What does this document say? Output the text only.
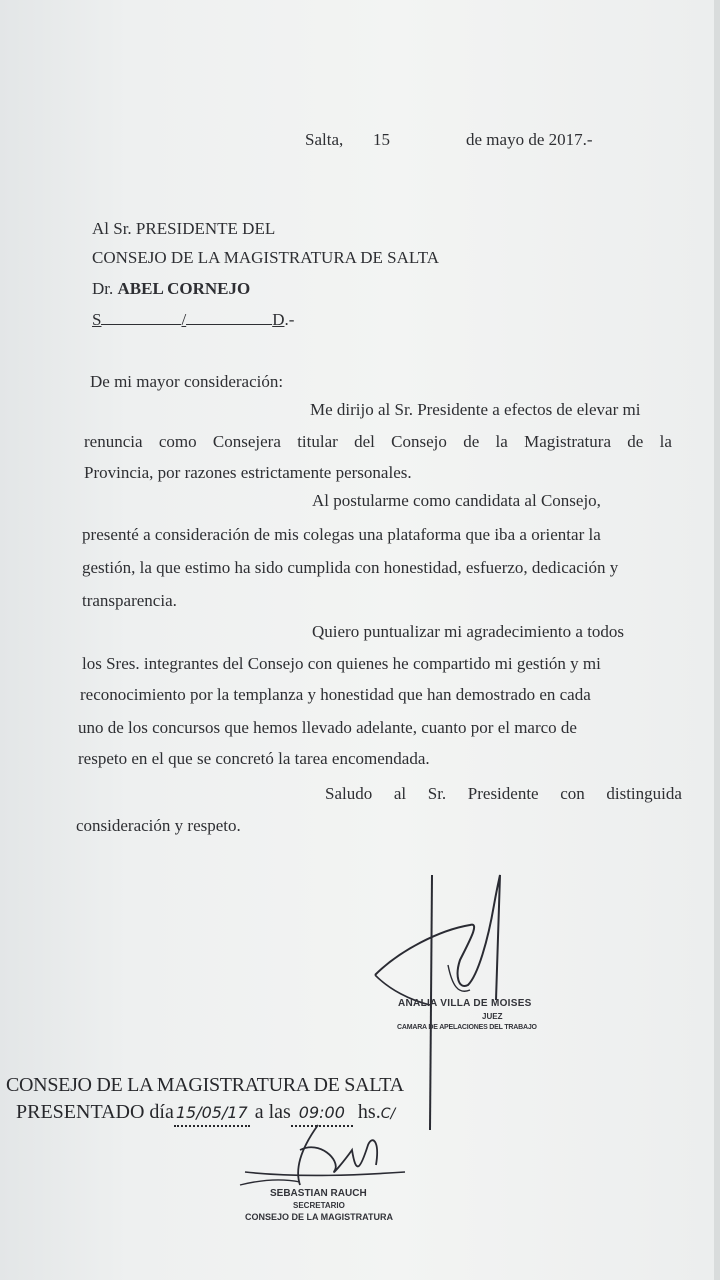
Salta, 15	de mayo de 2017.-
Al Sr. PRESIDENTE DEL
CONSEJO DE LA MAGISTRATURA DE SALTA
Dr. ABEL CORNEJO
S	/	D.-
De mi mayor consideración:
Me dirijo al Sr. Presidente a efectos de elevar mi
renuncia como Consejera titular del Consejo de la Magistratura de la
Provincia, por razones estrictamente personales.
Al postularme como candidata al Consejo,
presenté a consideración de mis colegas una plataforma que iba a orientar la
gestión, la que estimo ha sido cumplida con honestidad, esfuerzo, dedicación y
transparencia.
Quiero puntualizar mi agradecimiento a todos
los Sres. integrantes del Consejo con quienes he compartido mi gestión y mi
reconocimiento por la templanza y honestidad que han demostrado en cada
uno de los concursos que hemos llevado adelante, cuanto por el marco de
respeto en el que se concretó la tarea encomendada.
Saludo al Sr. Presidente con distinguida
consideración y respeto.
ANALIA VILLA DE MOISES
JUEZ
CAMARA DE APELACIONES DEL TRABAJO
CONSEJO DE LA MAGISTRATURA DE SALTA
PRESENTADO día 15/05/17 a las 09:00 hs.C/
SEBASTIAN RAUCH
SECRETARIO
CONSEJO DE LA MAGISTRATURA
